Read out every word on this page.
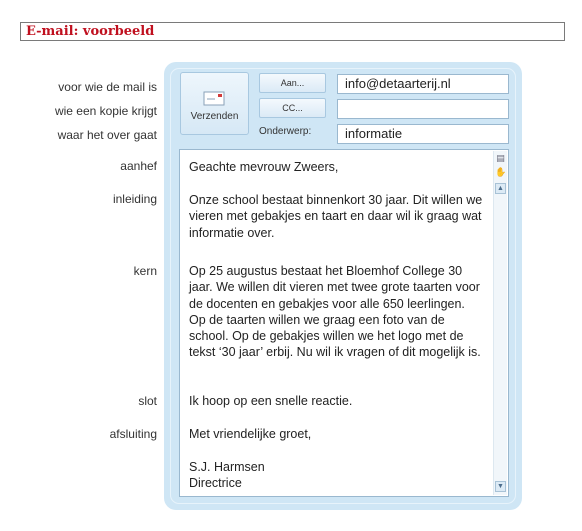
E-mail: voorbeeld
voor wie de mail is
wie een kopie krijgt
waar het over gaat
aanhef
inleiding
kern
slot
afsluiting
Verzenden
Aan...
CC...
Onderwerp:
info@detaarterij.nl
informatie
Geachte mevrouw Zweers,
Onze school bestaat binnenkort 30 jaar. Dit willen we vieren met gebakjes en taart en daar wil ik graag wat informatie over.
Op 25 augustus bestaat het Bloemhof College 30 jaar. We willen dit vieren met twee grote taarten voor de docenten en gebakjes voor alle 650 leerlingen. Op de taarten willen we graag een foto van de school. Op de gebakjes willen we het logo met de tekst ‘30 jaar’ erbij. Nu wil ik vragen of dit mogelijk is.
Ik hoop op een snelle reactie.
Met vriendelijke groet,
S.J. Harmsen
Directrice
▤
✋
▲
▼
